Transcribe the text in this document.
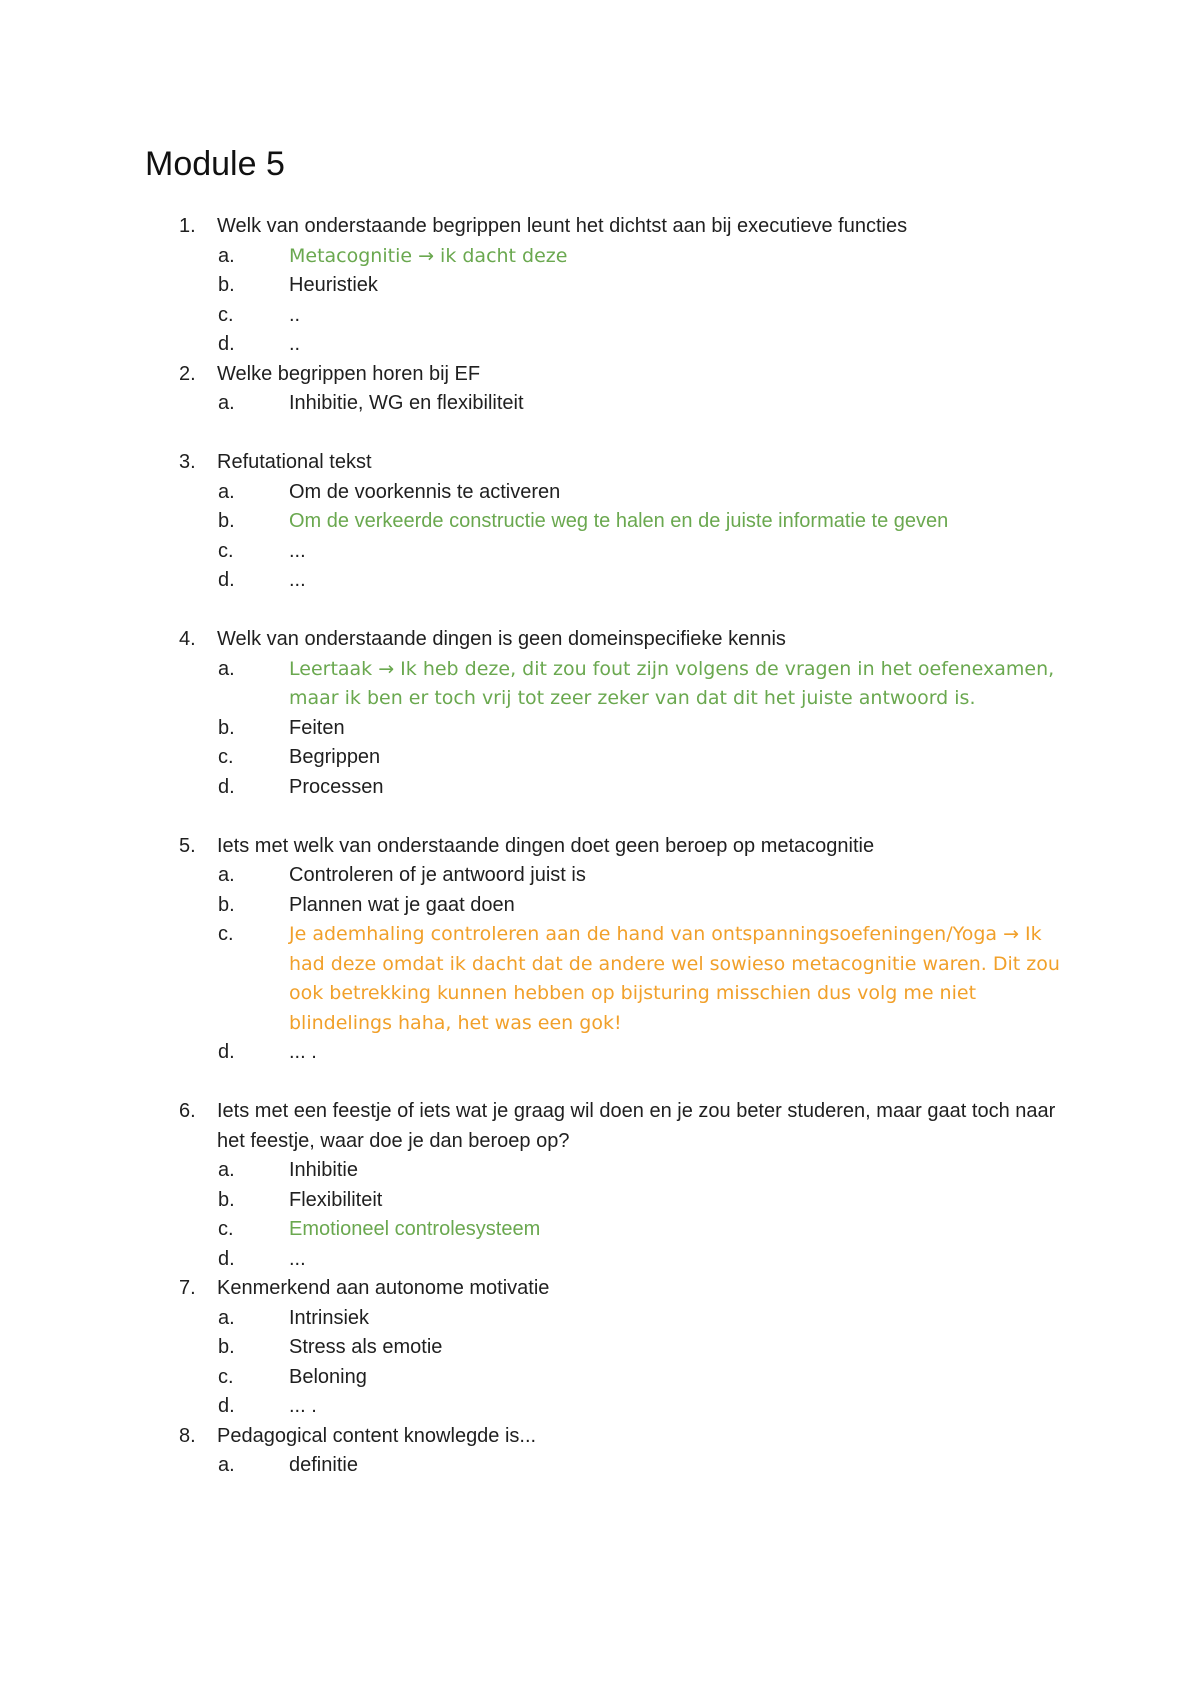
Module 5
1. Welk van onderstaande begrippen leunt het dichtst aan bij executieve functies
a.	Metacognitie → ik dacht deze
b.	Heuristiek
c.	..
d.	..
2. Welke begrippen horen bij EF
a.	Inhibitie, WG en flexibiliteit
3. Refutational tekst
a.	Om de voorkennis te activeren
b.	Om de verkeerde constructie weg te halen en de juiste informatie te geven
c.	...
d.	...
4. Welk van onderstaande dingen is geen domeinspecifieke kennis
a.	Leertaak → Ik heb deze, dit zou fout zijn volgens de vragen in het oefenexamen, maar ik ben er toch vrij tot zeer zeker van dat dit het juiste antwoord is.
b.	Feiten
c.	Begrippen
d.	Processen
5. Iets met welk van onderstaande dingen doet geen beroep op metacognitie
a.	Controleren of je antwoord juist is
b.	Plannen wat je gaat doen
c.	Je ademhaling controleren aan de hand van ontspanningsoefeningen/Yoga → Ik had deze omdat ik dacht dat de andere wel sowieso metacognitie waren. Dit zou ook betrekking kunnen hebben op bijsturing misschien dus volg me niet blindelings haha, het was een gok!
d.	... .
6. Iets met een feestje of iets wat je graag wil doen en je zou beter studeren, maar gaat toch naar het feestje, waar doe je dan beroep op?
a.	Inhibitie
b.	Flexibiliteit
c.	Emotioneel controlesysteem
d.	...
7. Kenmerkend aan autonome motivatie
a.	Intrinsiek
b.	Stress als emotie
c.	Beloning
d.	... .
8. Pedagogical content knowlegde is...
a.	definitie
